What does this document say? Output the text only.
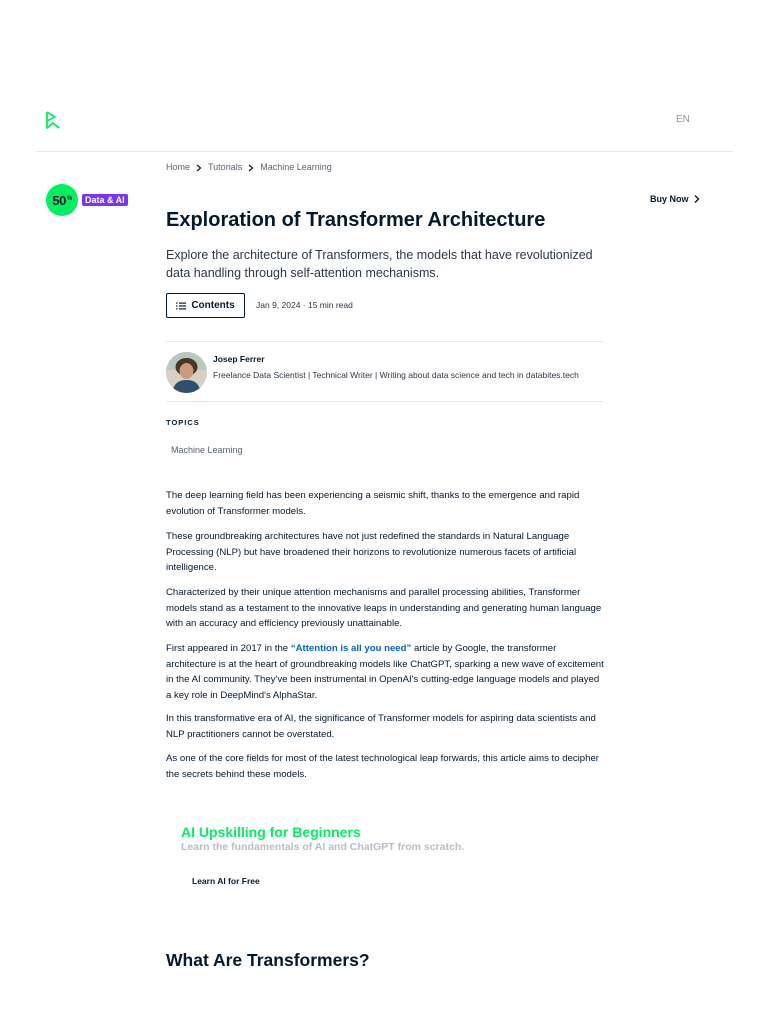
EN
Home Tutorials Machine Learning
50%	Data & AI	Buy Now
Exploration of Transformer Architecture
Explore the architecture of Transformers, the models that have revolutionized data handling through self-attention mechanisms.
Contents	Jan 9, 2024 · 15 min read
Josep Ferrer
Freelance Data Scientist | Technical Writer | Writing about data science and tech in databites.tech
TOPICS
Machine Learning

The deep learning field has been experiencing a seismic shift, thanks to the emergence and rapid evolution of Transformer models.

These groundbreaking architectures have not just redefined the standards in Natural Language Processing (NLP) but have broadened their horizons to revolutionize numerous facets of artificial intelligence.

Characterized by their unique attention mechanisms and parallel processing abilities, Transformer models stand as a testament to the innovative leaps in understanding and generating human language with an accuracy and efficiency previously unattainable.

First appeared in 2017 in the “Attention is all you need” article by Google, the transformer architecture is at the heart of groundbreaking models like ChatGPT, sparking a new wave of excitement in the AI community. They've been instrumental in OpenAI's cutting-edge language models and played a key role in DeepMind's AlphaStar.

In this transformative era of AI, the significance of Transformer models for aspiring data scientists and NLP practitioners cannot be overstated.

As one of the core fields for most of the latest technological leap forwards, this article aims to decipher the secrets behind these models.

AI Upskilling for Beginners
Learn the fundamentals of AI and ChatGPT from scratch.
Learn AI for Free
What Are Transformers?
